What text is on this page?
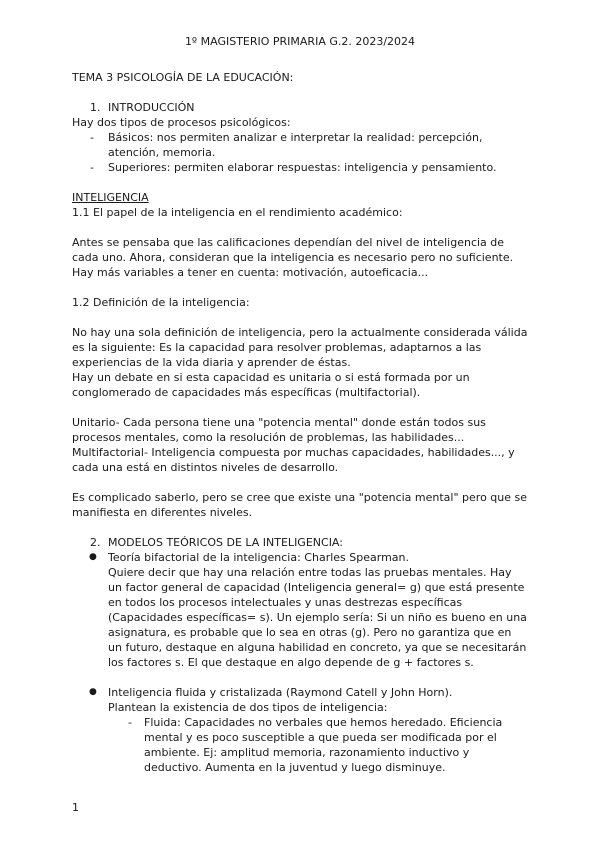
1º MAGISTERIO PRIMARIA G.2. 2023/2024

TEMA 3 PSICOLOGÍA DE LA EDUCACIÓN:

1. INTRODUCCIÓN

Hay dos tipos de procesos psicológicos:

- Básicos: nos permiten analizar e interpretar la realidad: percepción, atención, memoria.
- Superiores: permiten elaborar respuestas: inteligencia y pensamiento.

INTELIGENCIA

1.1 El papel de la inteligencia en el rendimiento académico:

Antes se pensaba que las calificaciones dependían del nivel de inteligencia de cada uno. Ahora, consideran que la inteligencia es necesario pero no suficiente. Hay más variables a tener en cuenta: motivación, autoeficacia...

1.2 Definición de la inteligencia:

No hay una sola definición de inteligencia, pero la actualmente considerada válida es la siguiente: Es la capacidad para resolver problemas, adaptarnos a las experiencias de la vida diaria y aprender de éstas.

Hay un debate en si esta capacidad es unitaria o si está formada por un conglomerado de capacidades más específicas (multifactorial).

Unitario- Cada persona tiene una "potencia mental" donde están todos sus procesos mentales, como la resolución de problemas, las habilidades...

Multifactorial- Inteligencia compuesta por muchas capacidades, habilidades..., y cada una está en distintos niveles de desarrollo.

Es complicado saberlo, pero se cree que existe una "potencia mental" pero que se manifiesta en diferentes niveles.

2. MODELOS TEÓRICOS DE LA INTELIGENCIA:

● Teoría bifactorial de la inteligencia: Charles Spearman.

Quiere decir que hay una relación entre todas las pruebas mentales. Hay un factor general de capacidad (Inteligencia general= g) que está presente en todos los procesos intelectuales y unas destrezas específicas (Capacidades específicas= s). Un ejemplo sería: Si un niño es bueno en una asignatura, es probable que lo sea en otras (g). Pero no garantiza que en un futuro, destaque en alguna habilidad en concreto, ya que se necesitarán los factores s. El que destaque en algo depende de g + factores s.

● Inteligencia fluida y cristalizada (Raymond Catell y John Horn).

Plantean la existencia de dos tipos de inteligencia:

- Fluida: Capacidades no verbales que hemos heredado. Eficiencia mental y es poco susceptible a que pueda ser modificada por el ambiente. Ej: amplitud memoria, razonamiento inductivo y deductivo. Aumenta en la juventud y luego disminuye.
1
